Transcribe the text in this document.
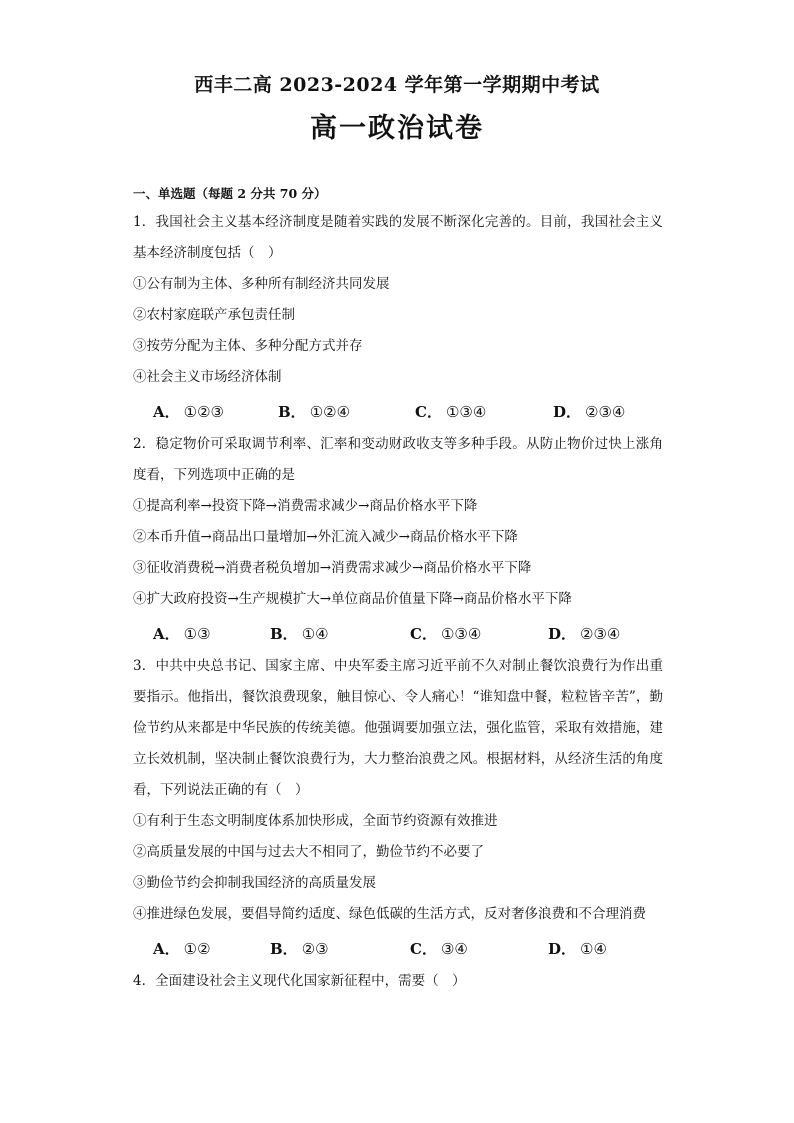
西丰二高 2023-2024 学年第一学期期中考试
高一政治试卷
一、单选题（每题 2 分共 70 分）
1．我国社会主义基本经济制度是随着实践的发展不断深化完善的。目前，我国社会主义基本经济制度包括（　）
①公有制为主体、多种所有制经济共同发展
②农村家庭联产承包责任制
③按劳分配为主体、多种分配方式并存
④社会主义市场经济体制
A． ①②③	B． ①②④	C． ①③④	D． ②③④
2．稳定物价可采取调节利率、汇率和变动财政收支等多种手段。从防止物价过快上涨角度看，下列选项中正确的是
①提高利率→投资下降→消费需求减少→商品价格水平下降
②本币升值→商品出口量增加→外汇流入减少→商品价格水平下降
③征收消费税→消费者税负增加→消费需求减少→商品价格水平下降
④扩大政府投资→生产规模扩大→单位商品价值量下降→商品价格水平下降
A． ①③	B． ①④	C． ①③④	D． ②③④
3．中共中央总书记、国家主席、中央军委主席习近平前不久对制止餐饮浪费行为作出重要指示。他指出，餐饮浪费现象，触目惊心、令人痛心！“谁知盘中餐，粒粒皆辛苦”，勤俭节约从来都是中华民族的传统美德。他强调要加强立法，强化监管，采取有效措施，建立长效机制，坚决制止餐饮浪费行为，大力整治浪费之风。根据材料，从经济生活的角度看，下列说法正确的有（　）
①有利于生态文明制度体系加快形成，全面节约资源有效推进
②高质量发展的中国与过去大不相同了，勤俭节约不必要了
③勤俭节约会抑制我国经济的高质量发展
④推进绿色发展，要倡导简约适度、绿色低碳的生活方式，反对奢侈浪费和不合理消费
A． ①②	B． ②③	C． ③④	D． ①④
4．全面建设社会主义现代化国家新征程中，需要（　）
